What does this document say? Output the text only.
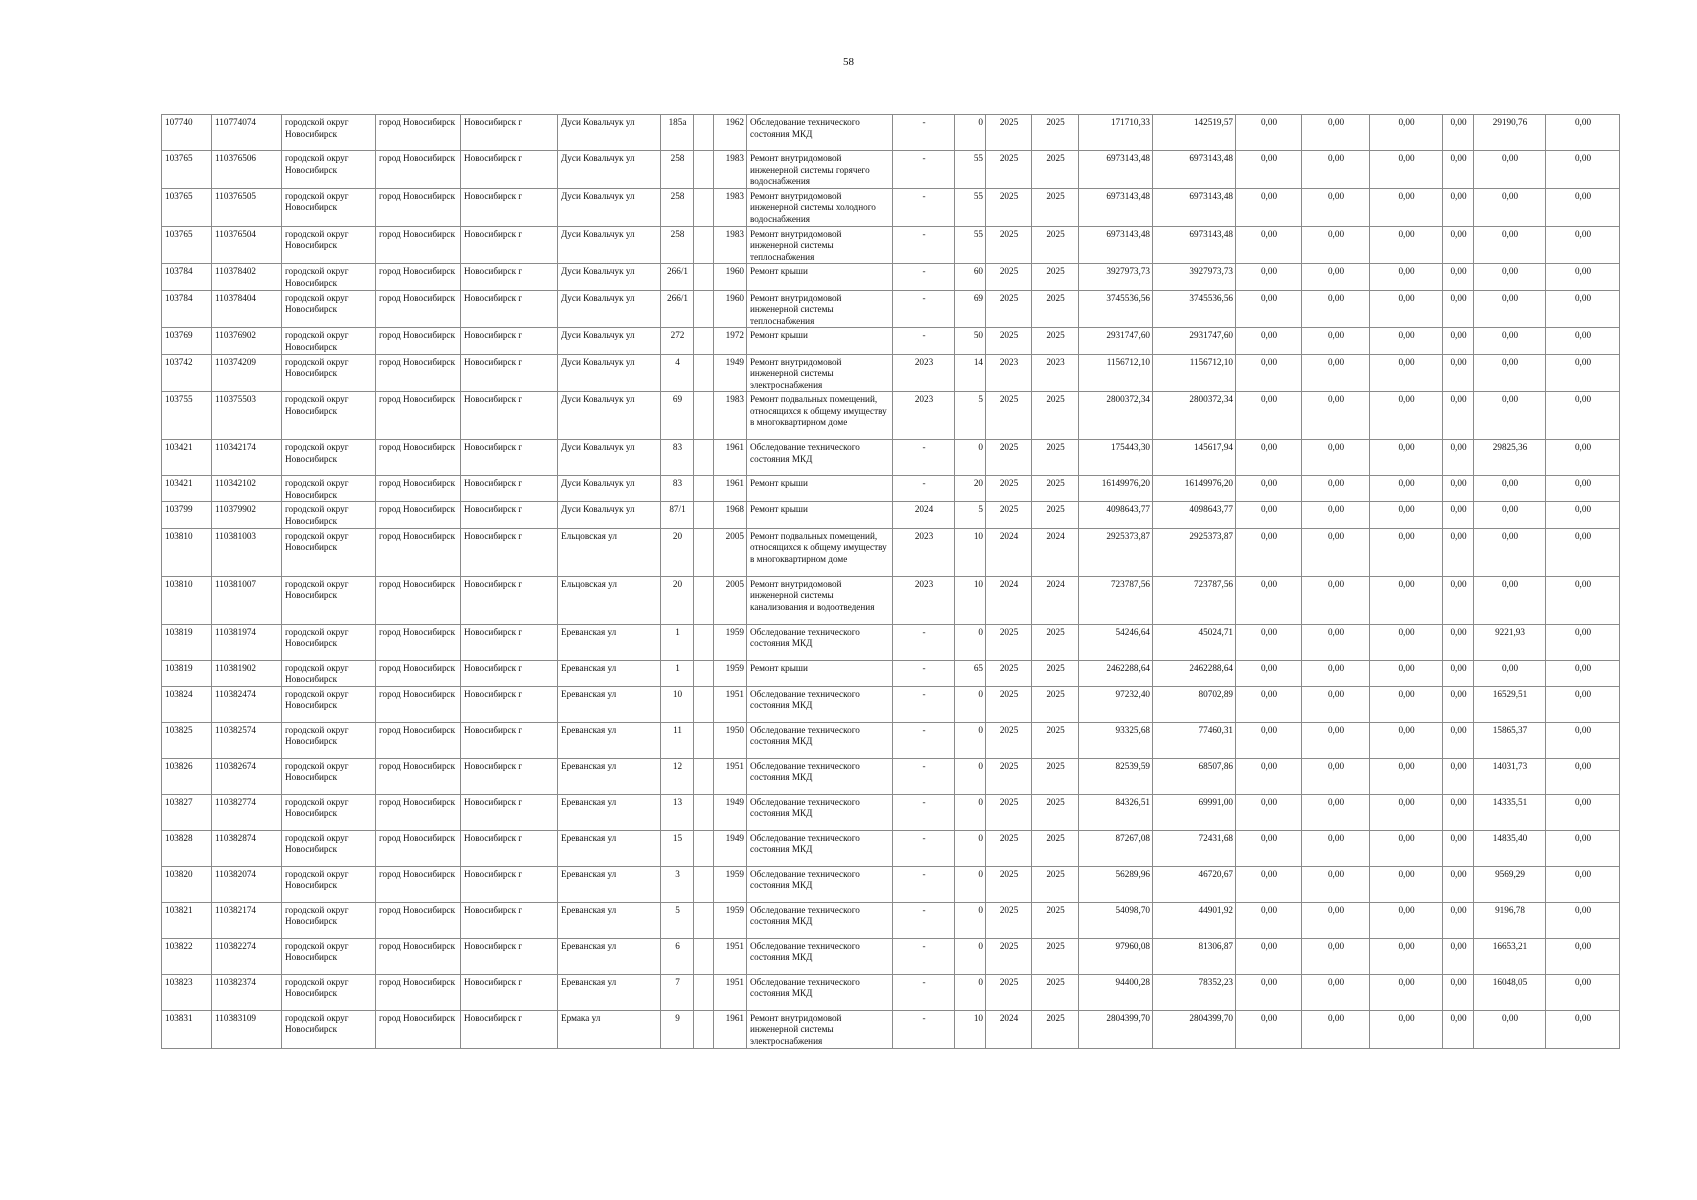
58
107740	110774074	городской округ Новосибирск	город Новосибирск	Новосибирск г	Дуси Ковальчук ул	185а		1962	Обследование технического состояния МКД	-	0	2025	2025	171710,33	142519,57	0,00	0,00	0,00	0,00	29190,76	0,00
103765	110376506	городской округ Новосибирск	город Новосибирск	Новосибирск г	Дуси Ковальчук ул	258		1983	Ремонт внутридомовой инженерной системы горячего водоснабжения	-	55	2025	2025	6973143,48	6973143,48	0,00	0,00	0,00	0,00	0,00	0,00
103765	110376505	городской округ Новосибирск	город Новосибирск	Новосибирск г	Дуси Ковальчук ул	258		1983	Ремонт внутридомовой инженерной системы холодного водоснабжения	-	55	2025	2025	6973143,48	6973143,48	0,00	0,00	0,00	0,00	0,00	0,00
103765	110376504	городской округ Новосибирск	город Новосибирск	Новосибирск г	Дуси Ковальчук ул	258		1983	Ремонт внутридомовой инженерной системы теплоснабжения	-	55	2025	2025	6973143,48	6973143,48	0,00	0,00	0,00	0,00	0,00	0,00
103784	110378402	городской округ Новосибирск	город Новосибирск	Новосибирск г	Дуси Ковальчук ул	266/1		1960	Ремонт крыши	-	60	2025	2025	3927973,73	3927973,73	0,00	0,00	0,00	0,00	0,00	0,00
103784	110378404	городской округ Новосибирск	город Новосибирск	Новосибирск г	Дуси Ковальчук ул	266/1		1960	Ремонт внутридомовой инженерной системы теплоснабжения	-	69	2025	2025	3745536,56	3745536,56	0,00	0,00	0,00	0,00	0,00	0,00
103769	110376902	городской округ Новосибирск	город Новосибирск	Новосибирск г	Дуси Ковальчук ул	272		1972	Ремонт крыши	-	50	2025	2025	2931747,60	2931747,60	0,00	0,00	0,00	0,00	0,00	0,00
103742	110374209	городской округ Новосибирск	город Новосибирск	Новосибирск г	Дуси Ковальчук ул	4		1949	Ремонт внутридомовой инженерной системы электроснабжения	2023	14	2023	2023	1156712,10	1156712,10	0,00	0,00	0,00	0,00	0,00	0,00
103755	110375503	городской округ Новосибирск	город Новосибирск	Новосибирск г	Дуси Ковальчук ул	69		1983	Ремонт подвальных помещений, относящихся к общему имуществу в многоквартирном доме	2023	5	2025	2025	2800372,34	2800372,34	0,00	0,00	0,00	0,00	0,00	0,00
103421	110342174	городской округ Новосибирск	город Новосибирск	Новосибирск г	Дуси Ковальчук ул	83		1961	Обследование технического состояния МКД	-	0	2025	2025	175443,30	145617,94	0,00	0,00	0,00	0,00	29825,36	0,00
103421	110342102	городской округ Новосибирск	город Новосибирск	Новосибирск г	Дуси Ковальчук ул	83		1961	Ремонт крыши	-	20	2025	2025	16149976,20	16149976,20	0,00	0,00	0,00	0,00	0,00	0,00
103799	110379902	городской округ Новосибирск	город Новосибирск	Новосибирск г	Дуси Ковальчук ул	87/1		1968	Ремонт крыши	2024	5	2025	2025	4098643,77	4098643,77	0,00	0,00	0,00	0,00	0,00	0,00
103810	110381003	городской округ Новосибирск	город Новосибирск	Новосибирск г	Ельцовская ул	20		2005	Ремонт подвальных помещений, относящихся к общему имуществу в многоквартирном доме	2023	10	2024	2024	2925373,87	2925373,87	0,00	0,00	0,00	0,00	0,00	0,00
103810	110381007	городской округ Новосибирск	город Новосибирск	Новосибирск г	Ельцовская ул	20		2005	Ремонт внутридомовой инженерной системы канализования и водоотведения	2023	10	2024	2024	723787,56	723787,56	0,00	0,00	0,00	0,00	0,00	0,00
103819	110381974	городской округ Новосибирск	город Новосибирск	Новосибирск г	Ереванская ул	1		1959	Обследование технического состояния МКД	-	0	2025	2025	54246,64	45024,71	0,00	0,00	0,00	0,00	9221,93	0,00
103819	110381902	городской округ Новосибирск	город Новосибирск	Новосибирск г	Ереванская ул	1		1959	Ремонт крыши	-	65	2025	2025	2462288,64	2462288,64	0,00	0,00	0,00	0,00	0,00	0,00
103824	110382474	городской округ Новосибирск	город Новосибирск	Новосибирск г	Ереванская ул	10		1951	Обследование технического состояния МКД	-	0	2025	2025	97232,40	80702,89	0,00	0,00	0,00	0,00	16529,51	0,00
103825	110382574	городской округ Новосибирск	город Новосибирск	Новосибирск г	Ереванская ул	11		1950	Обследование технического состояния МКД	-	0	2025	2025	93325,68	77460,31	0,00	0,00	0,00	0,00	15865,37	0,00
103826	110382674	городской округ Новосибирск	город Новосибирск	Новосибирск г	Ереванская ул	12		1951	Обследование технического состояния МКД	-	0	2025	2025	82539,59	68507,86	0,00	0,00	0,00	0,00	14031,73	0,00
103827	110382774	городской округ Новосибирск	город Новосибирск	Новосибирск г	Ереванская ул	13		1949	Обследование технического состояния МКД	-	0	2025	2025	84326,51	69991,00	0,00	0,00	0,00	0,00	14335,51	0,00
103828	110382874	городской округ Новосибирск	город Новосибирск	Новосибирск г	Ереванская ул	15		1949	Обследование технического состояния МКД	-	0	2025	2025	87267,08	72431,68	0,00	0,00	0,00	0,00	14835,40	0,00
103820	110382074	городской округ Новосибирск	город Новосибирск	Новосибирск г	Ереванская ул	3		1959	Обследование технического состояния МКД	-	0	2025	2025	56289,96	46720,67	0,00	0,00	0,00	0,00	9569,29	0,00
103821	110382174	городской округ Новосибирск	город Новосибирск	Новосибирск г	Ереванская ул	5		1959	Обследование технического состояния МКД	-	0	2025	2025	54098,70	44901,92	0,00	0,00	0,00	0,00	9196,78	0,00
103822	110382274	городской округ Новосибирск	город Новосибирск	Новосибирск г	Ереванская ул	6		1951	Обследование технического состояния МКД	-	0	2025	2025	97960,08	81306,87	0,00	0,00	0,00	0,00	16653,21	0,00
103823	110382374	городской округ Новосибирск	город Новосибирск	Новосибирск г	Ереванская ул	7		1951	Обследование технического состояния МКД	-	0	2025	2025	94400,28	78352,23	0,00	0,00	0,00	0,00	16048,05	0,00
103831	110383109	городской округ Новосибирск	город Новосибирск	Новосибирск г	Ермака ул	9		1961	Ремонт внутридомовой инженерной системы электроснабжения	-	10	2024	2025	2804399,70	2804399,70	0,00	0,00	0,00	0,00	0,00	0,00
